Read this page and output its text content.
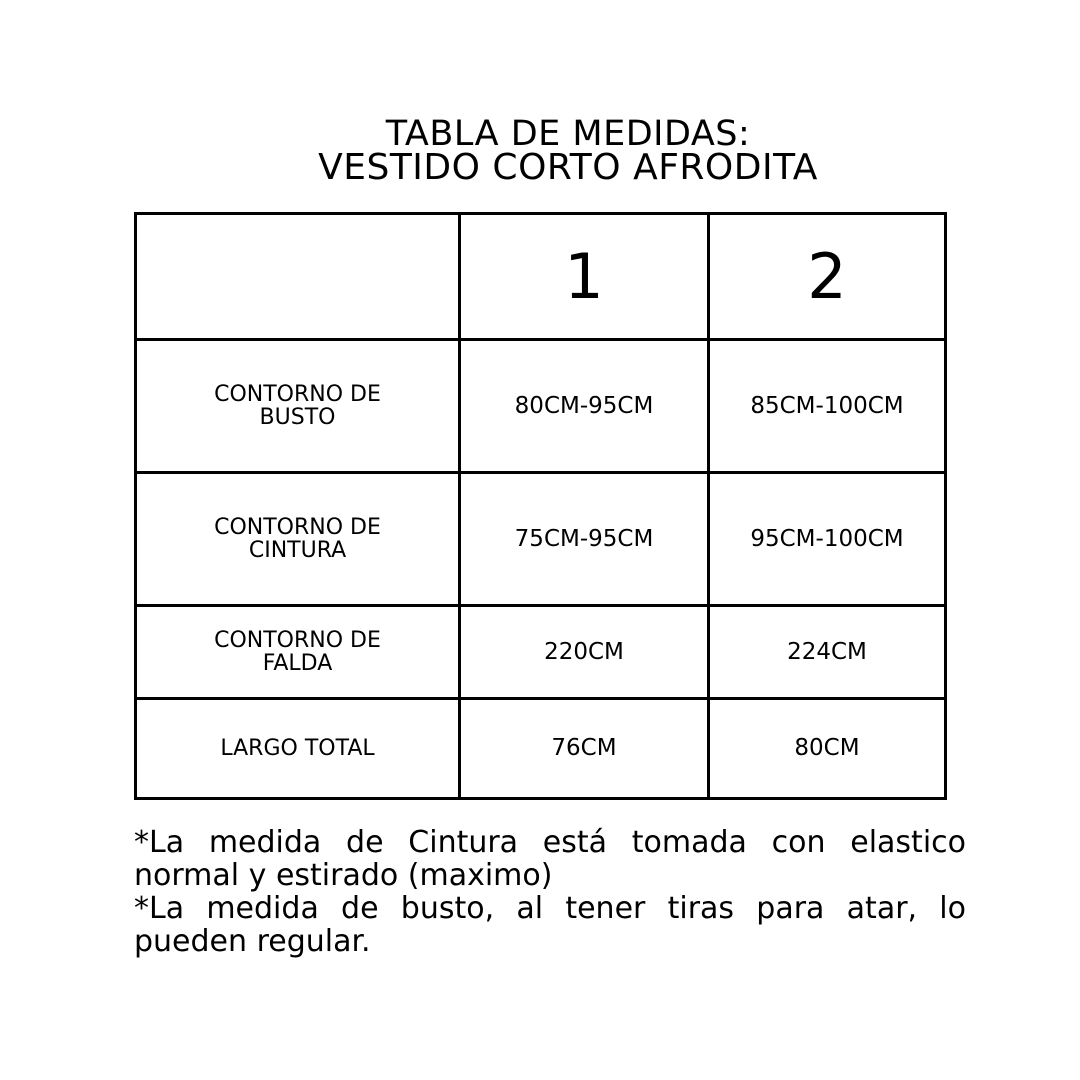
TABLA DE MEDIDAS:
VESTIDO CORTO AFRODITA
	1	2
CONTORNO DE BUSTO	80CM-95CM	85CM-100CM
CONTORNO DE CINTURA	75CM-95CM	95CM-100CM
CONTORNO DE FALDA	220CM	224CM
LARGO TOTAL	76CM	80CM

*La medida de Cintura está tomada con elastico normal y estirado (maximo)

*La medida de busto, al tener tiras para atar, lo pueden regular.
